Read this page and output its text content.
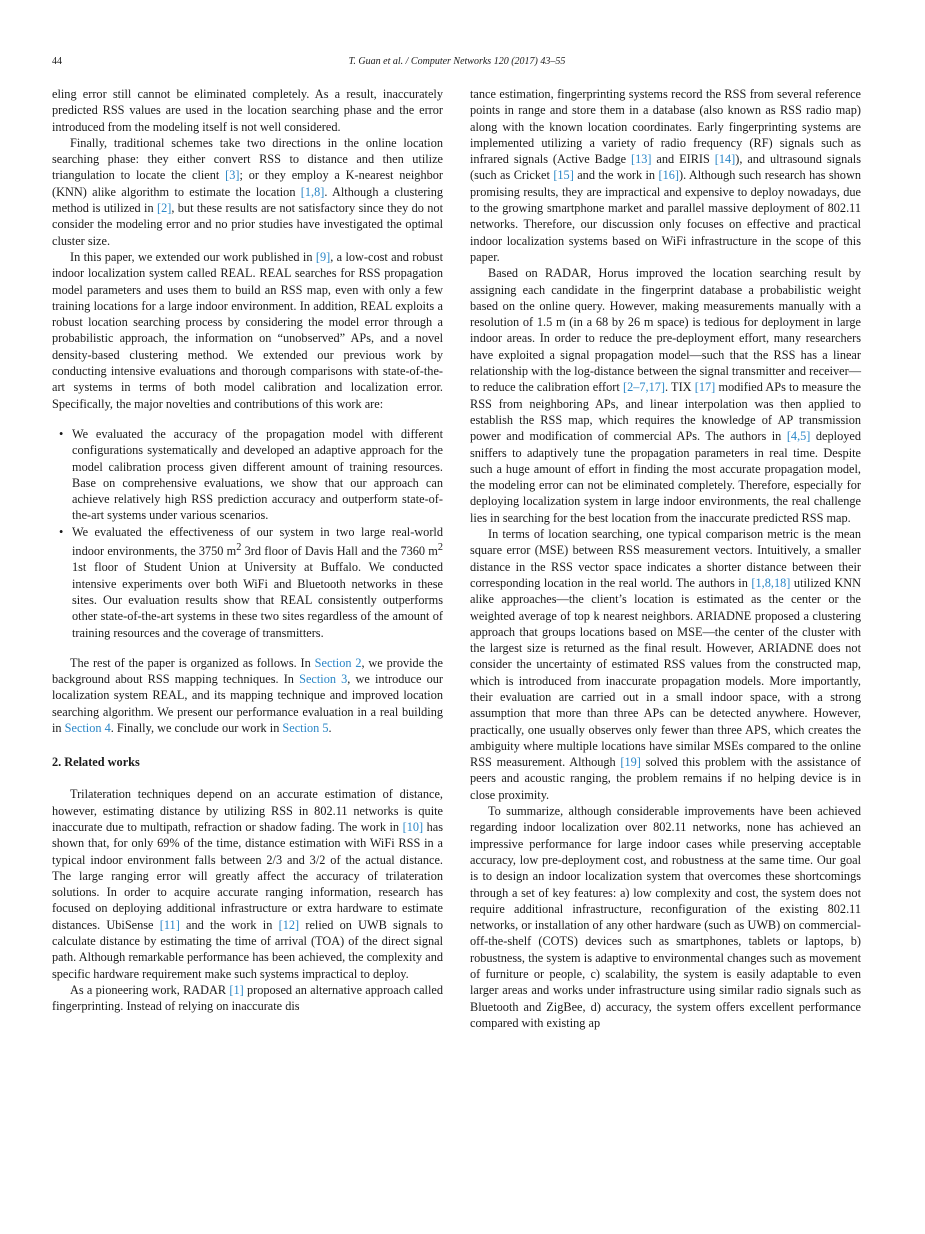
T. Guan et al. / Computer Networks 120 (2017) 43–55
44

eling error still cannot be eliminated completely. As a result, inaccurately predicted RSS values are used in the location searching phase and the error introduced from the modeling itself is not well considered.

Finally, traditional schemes take two directions in the online location searching phase: they either convert RSS to distance and then utilize triangulation to locate the client [3]; or they employ a K-nearest neighbor (KNN) alike algorithm to estimate the location [1,8]. Although a clustering method is utilized in [2], but these results are not satisfactory since they do not consider the modeling error and no prior studies have investigated the optimal cluster size.

In this paper, we extended our work published in [9], a low-cost and robust indoor localization system called REAL. REAL searches for RSS propagation model parameters and uses them to build an RSS map, even with only a few training locations for a large indoor environment. In addition, REAL exploits a robust location searching process by considering the model error through a probabilistic approach, the information on “unobserved” APs, and a novel density-based clustering method. We extended our previous work by conducting intensive evaluations and thorough comparisons with state-of-the-art systems in terms of both model calibration and localization error. Specifically, the major novelties and contributions of this work are:

• We evaluated the accuracy of the propagation model with different configurations systematically and developed an adaptive approach for the model calibration process given different amount of training resources. Base on comprehensive evaluations, we show that our approach can achieve relatively high RSS prediction accuracy and outperform state-of-the-art systems under various scenarios.
• We evaluated the effectiveness of our system in two large real-world indoor environments, the 3750 $m^2$ 3rd floor of Davis Hall and the 7360 $m^2$ 1st floor of Student Union at University at Buffalo. We conducted intensive experiments over both WiFi and Bluetooth networks in these sites. Our evaluation results show that REAL consistently outperforms other state-of-the-art systems in these two sites regardless of the amount of training resources and the coverage of transmitters.

The rest of the paper is organized as follows. In Section 2, we provide the background about RSS mapping techniques. In Section 3, we introduce our localization system REAL, and its mapping technique and improved location searching algorithm. We present our performance evaluation in a real building in Section 4. Finally, we conclude our work in Section 5.

2. Related works

Trilateration techniques depend on an accurate estimation of distance, however, estimating distance by utilizing RSS in 802.11 networks is quite inaccurate due to multipath, refraction or shadow fading. The work in [10] has shown that, for only 69% of the time, distance estimation with WiFi RSS in a typical indoor environment falls between 2/3 and 3/2 of the actual distance. The large ranging error will greatly affect the accuracy of trilateration solutions. In order to acquire accurate ranging information, research has focused on deploying additional infrastructure or extra hardware to estimate distances. UbiSense [11] and the work in [12] relied on UWB signals to calculate distance by estimating the time of arrival (TOA) of the direct signal path. Although remarkable performance has been achieved, the complexity and specific hardware requirement make such systems impractical to deploy.

As a pioneering work, RADAR [1] proposed an alternative approach called fingerprinting. Instead of relying on inaccurate dis

tance estimation, fingerprinting systems record the RSS from several reference points in range and store them in a database (also known as RSS radio map) along with the known location coordinates. Early fingerprinting systems are implemented utilizing a variety of radio frequency (RF) signals such as infrared signals (Active Badge [13] and EIRIS [14]), and ultrasound signals (such as Cricket [15] and the work in [16]). Although such research has shown promising results, they are impractical and expensive to deploy nowadays, due to the growing smartphone market and parallel massive deployment of 802.11 networks. Therefore, our discussion only focuses on effective and practical indoor localization systems based on WiFi infrastructure in the scope of this paper.

Based on RADAR, Horus improved the location searching result by assigning each candidate in the fingerprint database a probabilistic weight based on the online query. However, making measurements manually with a resolution of 1.5 m (in a 68 by 26 m space) is tedious for deployment in large indoor areas. In order to reduce the pre-deployment effort, many researchers have exploited a signal propagation model—such that the RSS has a linear relationship with the log-distance between the signal transmitter and receiver—to reduce the calibration effort [2–7,17]. TIX [17] modified APs to measure the RSS from neighboring APs, and linear interpolation was then applied to establish the RSS map, which requires the knowledge of AP transmission power and modification of commercial APs. The authors in [4,5] deployed sniffers to adaptively tune the propagation parameters in real time. Despite such a huge amount of effort in finding the most accurate propagation model, the modeling error can not be eliminated completely. Therefore, especially for deploying localization system in large indoor environments, the real challenge lies in searching for the best location from the inaccurate predicted RSS map.

In terms of location searching, one typical comparison metric is the mean square error (MSE) between RSS measurement vectors. Intuitively, a smaller distance in the RSS vector space indicates a shorter distance between their corresponding location in the real world. The authors in [1,8,18] utilized KNN alike approaches—the client’s location is estimated as the center or the weighted average of top k nearest neighbors. ARIADNE proposed a clustering approach that groups locations based on MSE—the center of the cluster with the largest size is returned as the final result. However, ARIADNE does not consider the uncertainty of estimated RSS values from the constructed map, which is introduced from inaccurate propagation models. More importantly, their evaluation are carried out in a small indoor space, with a strong assumption that more than three APs can be detected anywhere. However, practically, one usually observes only fewer than three APS, which creates the ambiguity where multiple locations have similar MSEs compared to the online RSS measurement. Although [19] solved this problem with the assistance of peers and acoustic ranging, the problem remains if no helping device is in close proximity.

To summarize, although considerable improvements have been achieved regarding indoor localization over 802.11 networks, none has achieved an impressive performance for large indoor cases while preserving acceptable accuracy, low pre-deployment cost, and robustness at the same time. Our goal is to design an indoor localization system that overcomes these shortcomings through a set of key features: a) low complexity and cost, the system does not require additional infrastructure, reconfiguration of the existing 802.11 networks, or installation of any other hardware (such as UWB) on commercial-off-the-shelf (COTS) devices such as smartphones, tablets or laptops, b) robustness, the system is adaptive to environmental changes such as movement of furniture or people, c) scalability, the system is easily adaptable to even larger areas and works under infrastructure using similar radio signals such as Bluetooth and ZigBee, d) accuracy, the system offers excellent performance compared with existing ap
